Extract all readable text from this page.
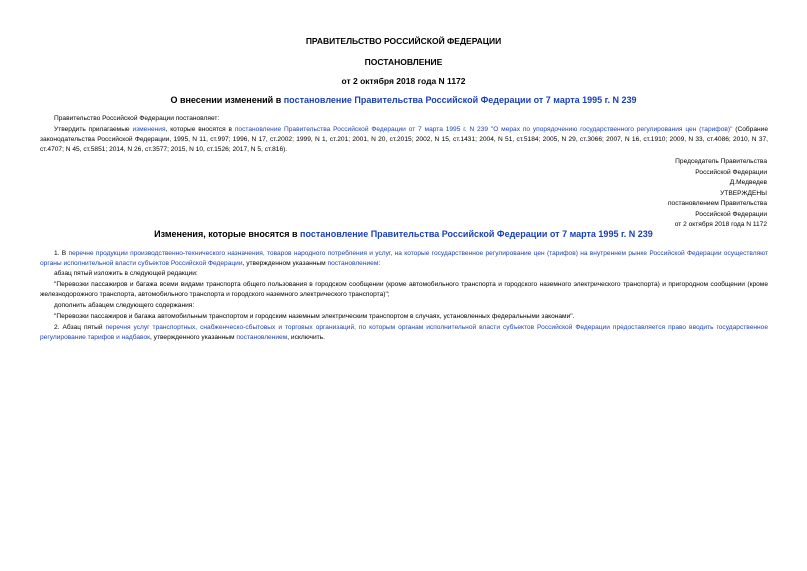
ПРАВИТЕЛЬСТВО РОССИЙСКОЙ ФЕДЕРАЦИИ
ПОСТАНОВЛЕНИЕ
от 2 октября 2018 года N 1172
О внесении изменений в постановление Правительства Российской Федерации от 7 марта 1995 г. N 239
Правительство Российской Федерации постановляет:
Утвердить прилагаемые изменения, которые вносятся в постановление Правительства Российской Федерации от 7 марта 1995 г. N 239 "О мерах по упорядочению государственного регулирования цен (тарифов)" (Собрание законодательства Российской Федерации, 1995, N 11, ст.997; 1996, N 17, ст.2002; 1999, N 1, ст.201; 2001, N 20, ст.2015; 2002, N 15, ст.1431; 2004, N 51, ст.5184; 2005, N 29, ст.3066; 2007, N 16, ст.1910; 2009, N 33, ст.4086; 2010, N 37, ст.4707; N 45, ст.5851; 2014, N 26, ст.3577; 2015, N 10, ст.1526; 2017, N 5, ст.816).
Председатель Правительства
Российской Федерации
Д.Медведев
УТВЕРЖДЕНЫ
постановлением Правительства
Российской Федерации
от 2 октября 2018 года N 1172
Изменения, которые вносятся в постановление Правительства Российской Федерации от 7 марта 1995 г. N 239
1. В перечне продукции производственно-технического назначения, товаров народного потребления и услуг, на которые государственное регулирование цен (тарифов) на внутреннем рынке Российской Федерации осуществляют органы исполнительной власти субъектов Российской Федерации, утвержденном указанным постановлением:
абзац пятый изложить в следующей редакции:
"Перевозки пассажиров и багажа всеми видами транспорта общего пользования в городском сообщении (кроме автомобильного транспорта и городского наземного электрического транспорта) и пригородном сообщении (кроме железнодорожного транспорта, автомобильного транспорта и городского наземного электрического транспорта)";
дополнить абзацем следующего содержания:
"Перевозки пассажиров и багажа автомобильным транспортом и городским наземным электрическим транспортом в случаях, установленных федеральными законами".
2. Абзац пятый перечня услуг транспортных, снабженческо-сбытовых и торговых организаций, по которым органам исполнительной власти субъектов Российской Федерации предоставляется право вводить государственное регулирование тарифов и надбавок, утвержденного указанным постановлением, исключить.
